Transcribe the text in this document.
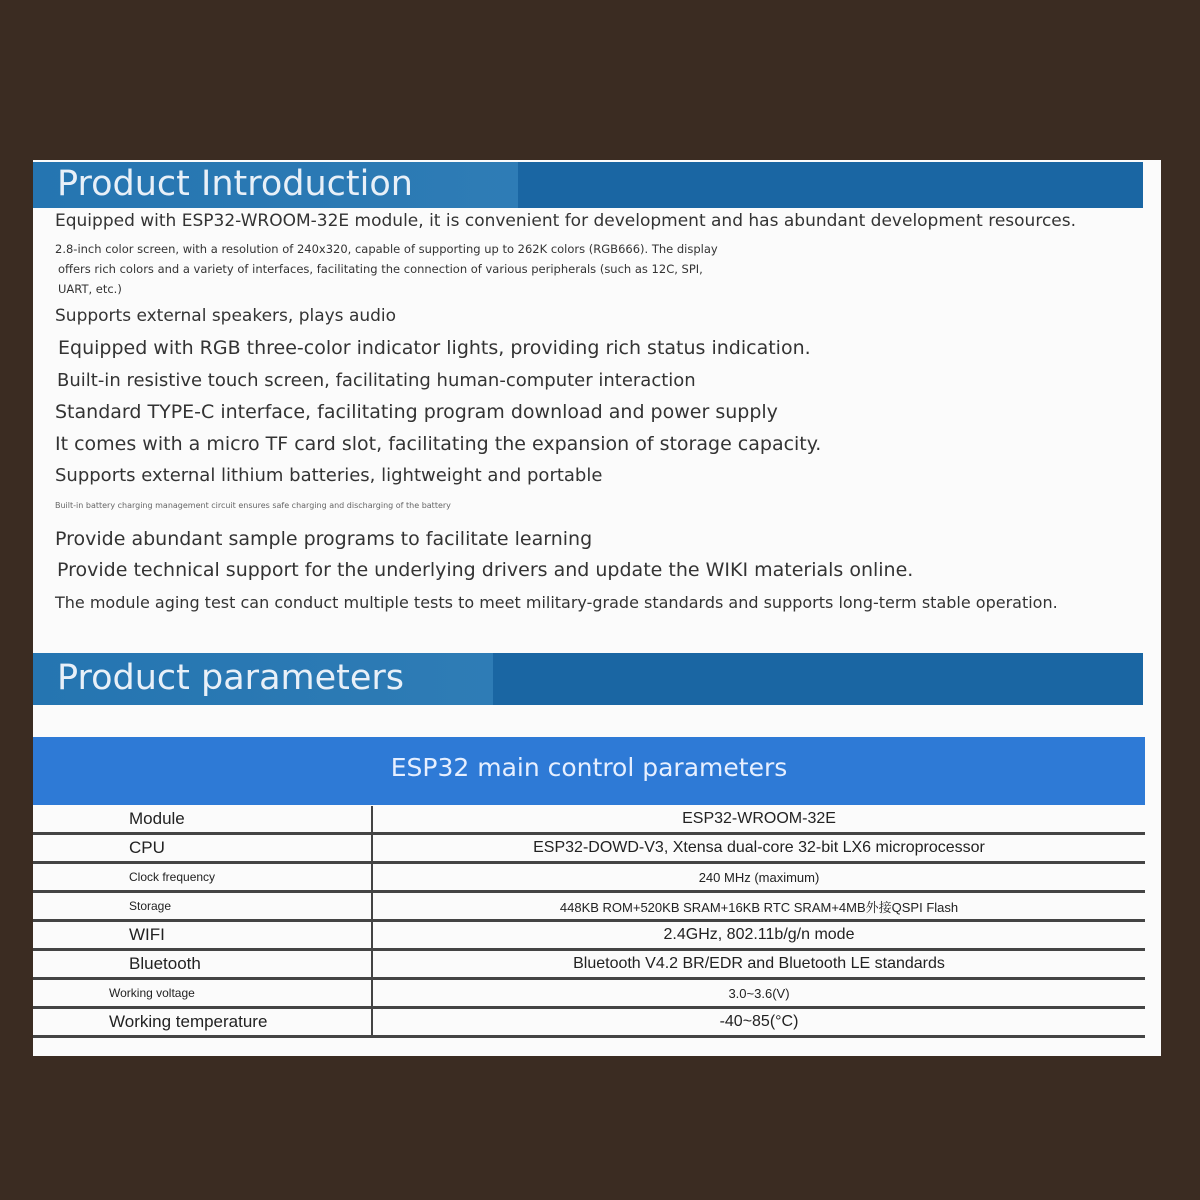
Product Introduction
Equipped with ESP32-WROOM-32E module, it is convenient for development and has abundant development resources.
2.8-inch color screen, with a resolution of 240x320, capable of supporting up to 262K colors (RGB666). The display
offers rich colors and a variety of interfaces, facilitating the connection of various peripherals (such as 12C, SPI,
UART, etc.)
Supports external speakers, plays audio
Equipped with RGB three-color indicator lights, providing rich status indication.
Built-in resistive touch screen, facilitating human-computer interaction
Standard TYPE-C interface, facilitating program download and power supply
It comes with a micro TF card slot, facilitating the expansion of storage capacity.
Supports external lithium batteries, lightweight and portable
Built-in battery charging management circuit ensures safe charging and discharging of the battery
Provide abundant sample programs to facilitate learning
Provide technical support for the underlying drivers and update the WIKI materials online.
The module aging test can conduct multiple tests to meet military-grade standards and supports long-term stable operation.
Product parameters
ESP32 main control parameters
Module	ESP32-WROOM-32E
CPU	ESP32-DOWD-V3, Xtensa dual-core 32-bit LX6 microprocessor
Clock frequency	240 MHz (maximum)
Storage	448KB ROM+520KB SRAM+16KB RTC SRAM+4MB外接QSPI Flash
WIFI	2.4GHz, 802.11b/g/n mode
Bluetooth	Bluetooth V4.2 BR/EDR and Bluetooth LE standards
Working voltage	3.0~3.6(V)
Working temperature	-40~85(°C)
